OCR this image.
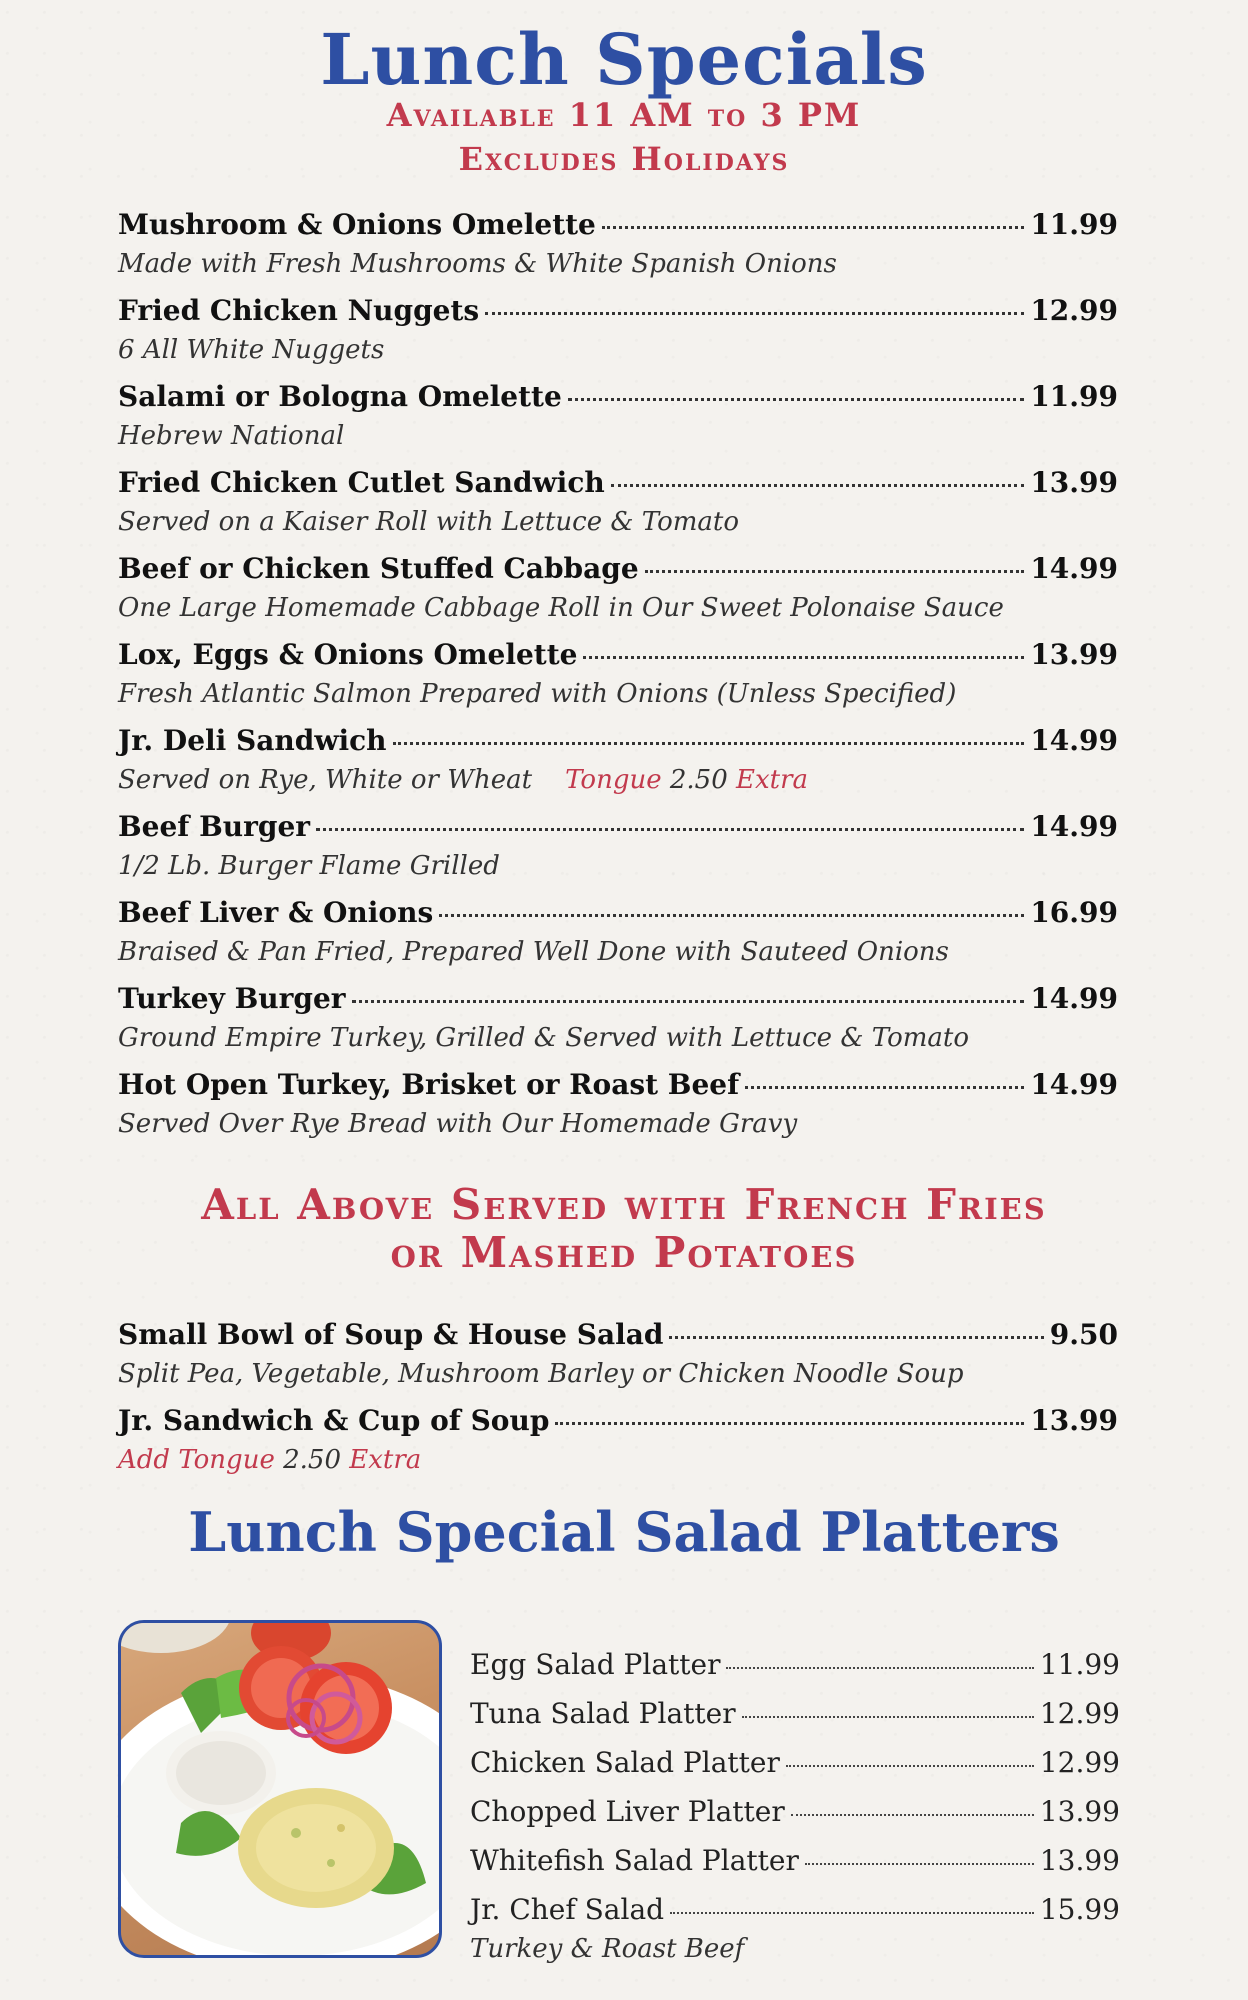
Lunch Specials
Available 11 AM to 3 PM
Excludes Holidays
Mushroom & Onions Omelette	11.99
Made with Fresh Mushrooms & White Spanish Onions
Fried Chicken Nuggets	12.99
6 All White Nuggets
Salami or Bologna Omelette	11.99
Hebrew National
Fried Chicken Cutlet Sandwich	13.99
Served on a Kaiser Roll with Lettuce & Tomato
Beef or Chicken Stuffed Cabbage	14.99
One Large Homemade Cabbage Roll in Our Sweet Polonaise Sauce
Lox, Eggs & Onions Omelette	13.99
Fresh Atlantic Salmon Prepared with Onions (Unless Specified)
Jr. Deli Sandwich	14.99
Served on Rye, White or Wheat Tongue 2.50 Extra
Beef Burger	14.99
1/2 Lb. Burger Flame Grilled
Beef Liver & Onions	16.99
Braised & Pan Fried, Prepared Well Done with Sauteed Onions
Turkey Burger	14.99
Ground Empire Turkey, Grilled & Served with Lettuce & Tomato
Hot Open Turkey, Brisket or Roast Beef	14.99
Served Over Rye Bread with Our Homemade Gravy
All Above Served with French Fries
or Mashed Potatoes
Small Bowl of Soup & House Salad	9.50
Split Pea, Vegetable, Mushroom Barley or Chicken Noodle Soup
Jr. Sandwich & Cup of Soup	13.99
Add Tongue 2.50 Extra
Lunch Special Salad Platters
Egg Salad Platter	11.99
Tuna Salad Platter	12.99
Chicken Salad Platter	12.99
Chopped Liver Platter	13.99
Whitefish Salad Platter	13.99
Jr. Chef Salad	15.99
Turkey & Roast Beef
